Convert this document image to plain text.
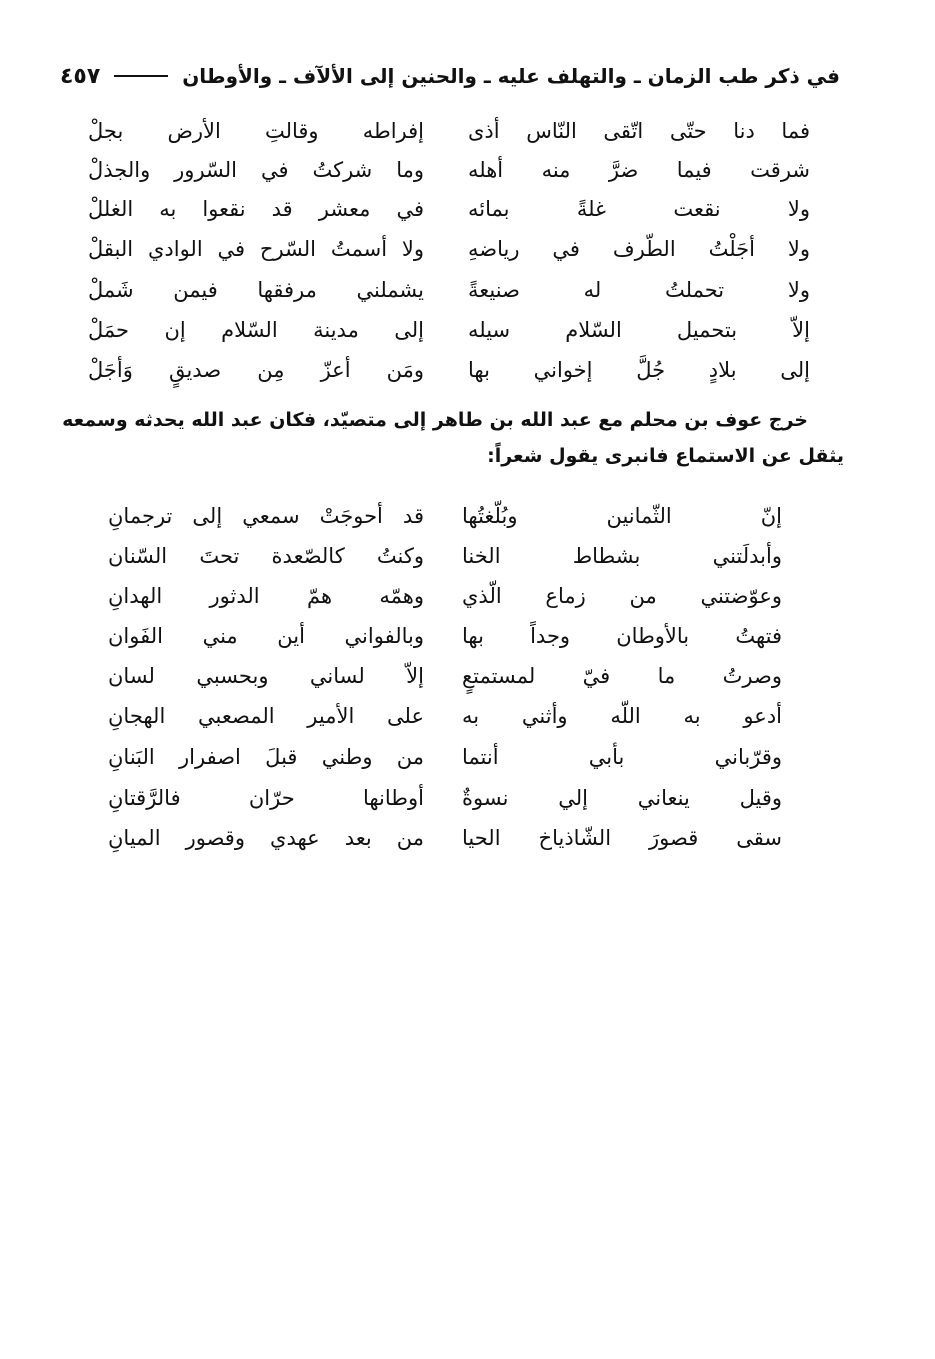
في ذكر طب الزمان ـ والتهلف عليه ـ والحنين إلى الألآف ـ والأوطان
٤٥٧
فما دنا حتّى اتّقى النّاس أذى
إفراطه وقالتِ الأرض بجلْ
شرقت فيما ضرَّ منه أهله
وما شركتُ في السّرور والجذلْ
ولا نقعت غلةً بمائه
في معشر قد نقعوا به الغللْ
ولا أجَلْتُ الطّرف في رياضهِ
ولا أسمتُ السّرح في الوادي البقلْ
ولا تحملتُ له صنيعةً
يشملني مرفقها فيمن شَملْ
إلاّ بتحميل السّلام سيله
إلى مدينة السّلام إن حمَلْ
إلى بلادٍ جُلَّ إخواني بها
ومَن أعزّ مِن صديقٍ وَأجَلْ

خرج عوف بن محلم مع عبد الله بن طاهر إلى متصيّد، فكان عبد الله يحدثه وسمعه

يثقل عن الاستماع فانبرى يقول شعراً:

إنّ الثّمانين وبُلّغتُها
قد أحوجَتْ سمعي إلى ترجمانِ
وأبدلَتني بشطاط الخنا
وكنتُ كالصّعدة تحتَ السّنان
وعوّضتني من زماع الّذي
وهمّه همّ الدثور الهدانِ
فتهتُ بالأوطان وجداً بها
وبالفواني أين مني الفَوان
وصرتُ ما فيّ لمستمتعٍ
إلاّ لساني وبحسبي لسان
أدعو به اللّه وأثني به
على الأمير المصعبي الهجانِ
وقرّباني بأبي أنتما
من وطني قبلَ اصفرار البَنانِ
وقيل ينعاني إلي نسوةٌ
أوطانها حرّان فالرَّقتانِ
سقى قصورَ الشّاذياخ الحيا
من بعد عهدي وقصور الميانِ
